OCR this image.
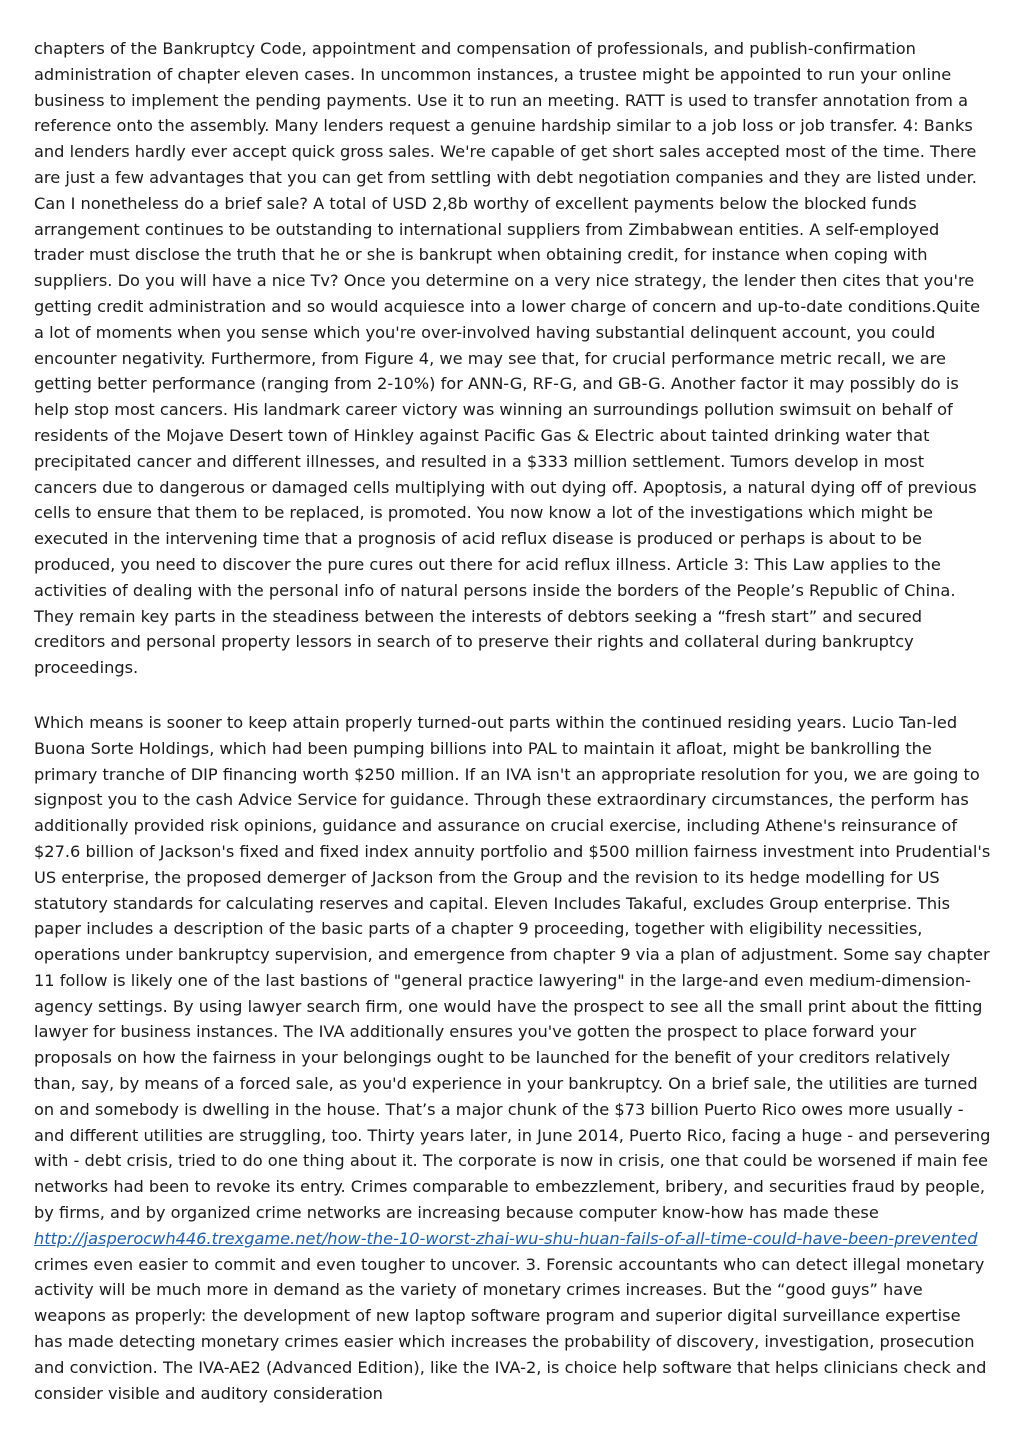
chapters of the Bankruptcy Code, appointment and compensation of professionals, and publish-confirmation administration of chapter eleven cases. In uncommon instances, a trustee might be appointed to run your online business to implement the pending payments. Use it to run an meeting. RATT is used to transfer annotation from a reference onto the assembly. Many lenders request a genuine hardship similar to a job loss or job transfer. 4: Banks and lenders hardly ever accept quick gross sales. We're capable of get short sales accepted most of the time. There are just a few advantages that you can get from settling with debt negotiation companies and they are listed under. Can I nonetheless do a brief sale? A total of USD 2,8b worthy of excellent payments below the blocked funds arrangement continues to be outstanding to international suppliers from Zimbabwean entities. A self-employed trader must disclose the truth that he or she is bankrupt when obtaining credit, for instance when coping with suppliers. Do you will have a nice Tv? Once you determine on a very nice strategy, the lender then cites that you're getting credit administration and so would acquiesce into a lower charge of concern and up-to-date conditions.Quite a lot of moments when you sense which you're over-involved having substantial delinquent account, you could encounter negativity. Furthermore, from Figure 4, we may see that, for crucial performance metric recall, we are getting better performance (ranging from 2-10%) for ANN-G, RF-G, and GB-G. Another factor it may possibly do is help stop most cancers. His landmark career victory was winning an surroundings pollution swimsuit on behalf of residents of the Mojave Desert town of Hinkley against Pacific Gas & Electric about tainted drinking water that precipitated cancer and different illnesses, and resulted in a $333 million settlement. Tumors develop in most cancers due to dangerous or damaged cells multiplying with out dying off. Apoptosis, a natural dying off of previous cells to ensure that them to be replaced, is promoted. You now know a lot of the investigations which might be executed in the intervening time that a prognosis of acid reflux disease is produced or perhaps is about to be produced, you need to discover the pure cures out there for acid reflux illness. Article 3: This Law applies to the activities of dealing with the personal info of natural persons inside the borders of the People’s Republic of China. They remain key parts in the steadiness between the interests of debtors seeking a “fresh start” and secured creditors and personal property lessors in search of to preserve their rights and collateral during bankruptcy proceedings.

Which means is sooner to keep attain properly turned-out parts within the continued residing years. Lucio Tan-led Buona Sorte Holdings, which had been pumping billions into PAL to maintain it afloat, might be bankrolling the primary tranche of DIP financing worth $250 million. If an IVA isn't an appropriate resolution for you, we are going to signpost you to the cash Advice Service for guidance. Through these extraordinary circumstances, the perform has additionally provided risk opinions, guidance and assurance on crucial exercise, including Athene's reinsurance of $27.6 billion of Jackson's fixed and fixed index annuity portfolio and $500 million fairness investment into Prudential's US enterprise, the proposed demerger of Jackson from the Group and the revision to its hedge modelling for US statutory standards for calculating reserves and capital. Eleven Includes Takaful, excludes Group enterprise. This paper includes a description of the basic parts of a chapter 9 proceeding, together with eligibility necessities, operations under bankruptcy supervision, and emergence from chapter 9 via a plan of adjustment. Some say chapter 11 follow is likely one of the last bastions of "general practice lawyering" in the large-and even medium-dimension-agency settings. By using lawyer search firm, one would have the prospect to see all the small print about the fitting lawyer for business instances. The IVA additionally ensures you've gotten the prospect to place forward your proposals on how the fairness in your belongings ought to be launched for the benefit of your creditors relatively than, say, by means of a forced sale, as you'd experience in your bankruptcy. On a brief sale, the utilities are turned on and somebody is dwelling in the house. That’s a major chunk of the $73 billion Puerto Rico owes more usually - and different utilities are struggling, too. Thirty years later, in June 2014, Puerto Rico, facing a huge - and persevering with - debt crisis, tried to do one thing about it. The corporate is now in crisis, one that could be worsened if main fee networks had been to revoke its entry. Crimes comparable to embezzlement, bribery, and securities fraud by people, by firms, and by organized crime networks are increasing because computer know-how has made these http://jasperocwh446.trexgame.net/how-the-10-worst-zhai-wu-shu-huan-fails-of-all-time-could-have-been-prevented crimes even easier to commit and even tougher to uncover. 3. Forensic accountants who can detect illegal monetary activity will be much more in demand as the variety of monetary crimes increases. But the “good guys” have weapons as properly: the development of new laptop software program and superior digital surveillance expertise has made detecting monetary crimes easier which increases the probability of discovery, investigation, prosecution and conviction. The IVA-AE2 (Advanced Edition), like the IVA-2, is choice help software that helps clinicians check and consider visible and auditory consideration
